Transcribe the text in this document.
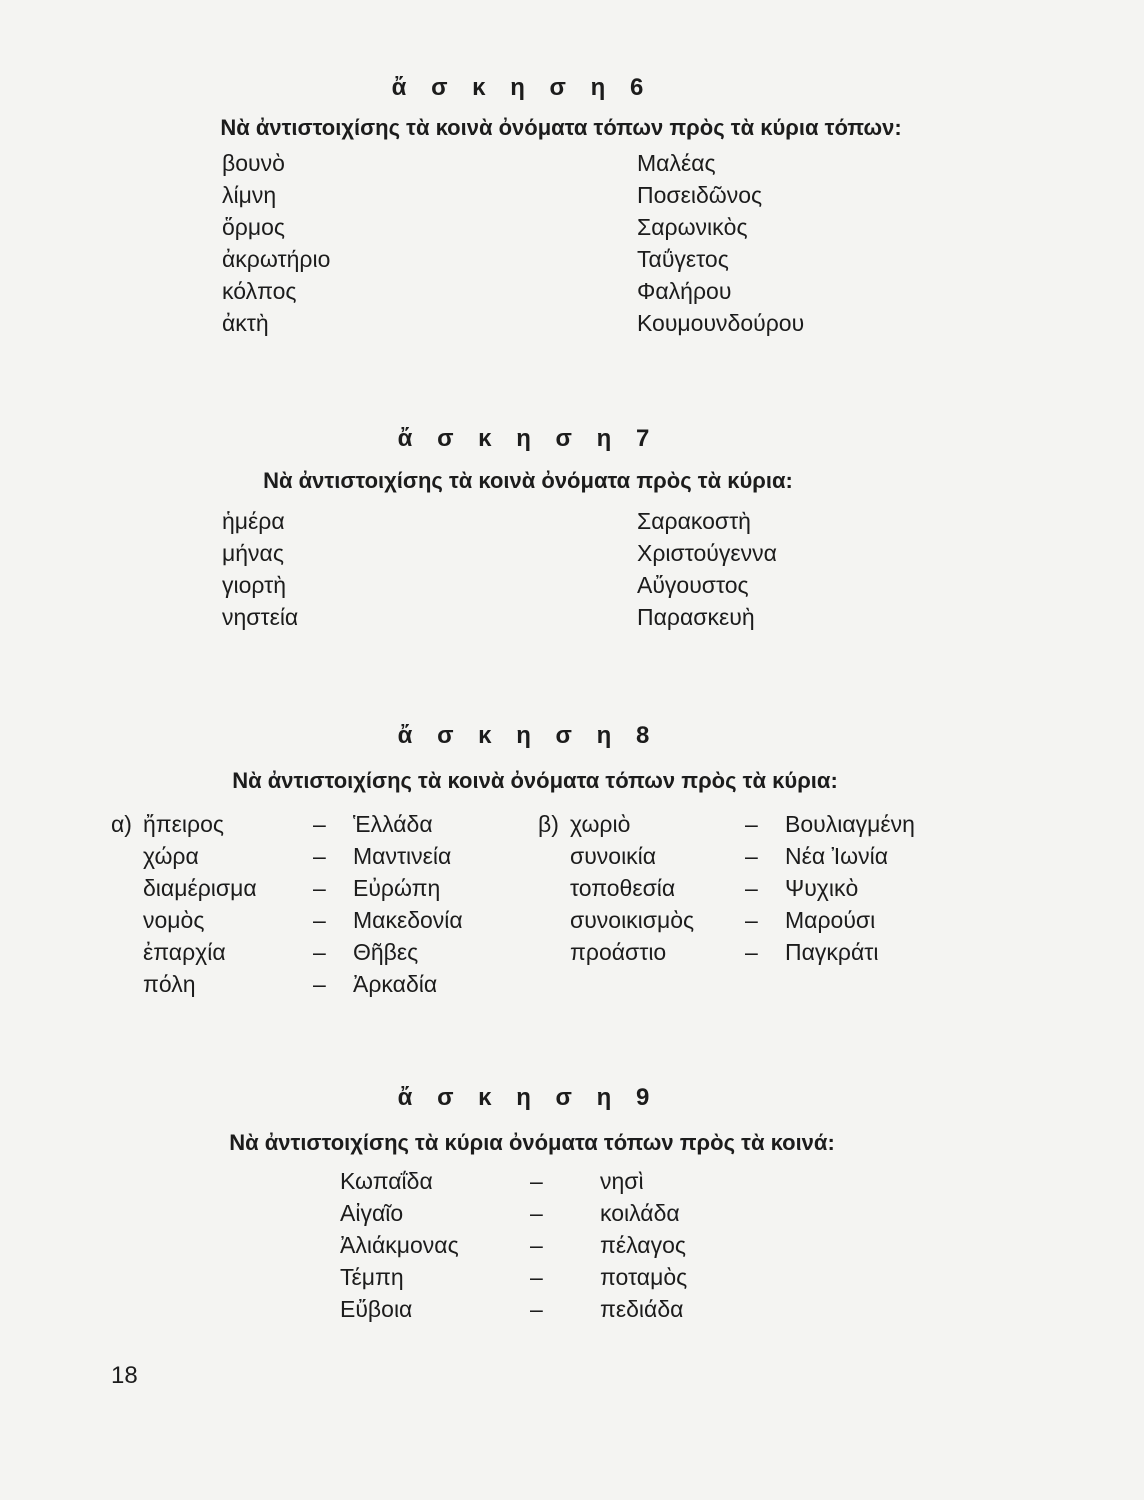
ἄ σ κ η σ η 6
Νὰ ἀντιστοιχίσης τὰ κοινὰ ὀνόματα τόπων πρὸς τὰ κύρια τόπων:
βουνὸ
λίμνη
ὅρμος
ἀκρωτήριο
κόλπος
ἀκτὴ
Μαλέας
Ποσειδῶνος
Σαρωνικὸς
Ταΰγετος
Φαλήρου
Κουμουνδούρου
ἄ σ κ η σ η 7
Νὰ ἀντιστοιχίσης τὰ κοινὰ ὀνόματα πρὸς τὰ κύρια:
ἡμέρα
μήνας
γιορτὴ
νηστεία
Σαρακοστὴ
Χριστούγεννα
Αὔγουστος
Παρασκευὴ
ἄ σ κ η σ η 8
Νὰ ἀντιστοιχίσης τὰ κοινὰ ὀνόματα τόπων πρὸς τὰ κύρια:
α) ἤπειρος
χώρα
διαμέρισμα
νομὸς
ἐπαρχία
πόλη
–
–
–
–
–
–
Ἑλλάδα
Μαντινεία
Εὐρώπη
Μακεδονία
Θῆβες
Ἀρκαδία
β) χωριὸ
συνοικία
τοποθεσία
συνοικισμὸς
προάστιο
–
–
–
–
–
Βουλιαγμένη
Νέα Ἰωνία
Ψυχικὸ
Μαρούσι
Παγκράτι
ἄ σ κ η σ η 9
Νὰ ἀντιστοιχίσης τὰ κύρια ὀνόματα τόπων πρὸς τὰ κοινά:
Κωπαΐδα
Αἰγαῖο
Ἀλιάκμονας
Τέμπη
Εὔβοια
–
–
–
–
–
νησὶ
κοιλάδα
πέλαγος
ποταμὸς
πεδιάδα
18
